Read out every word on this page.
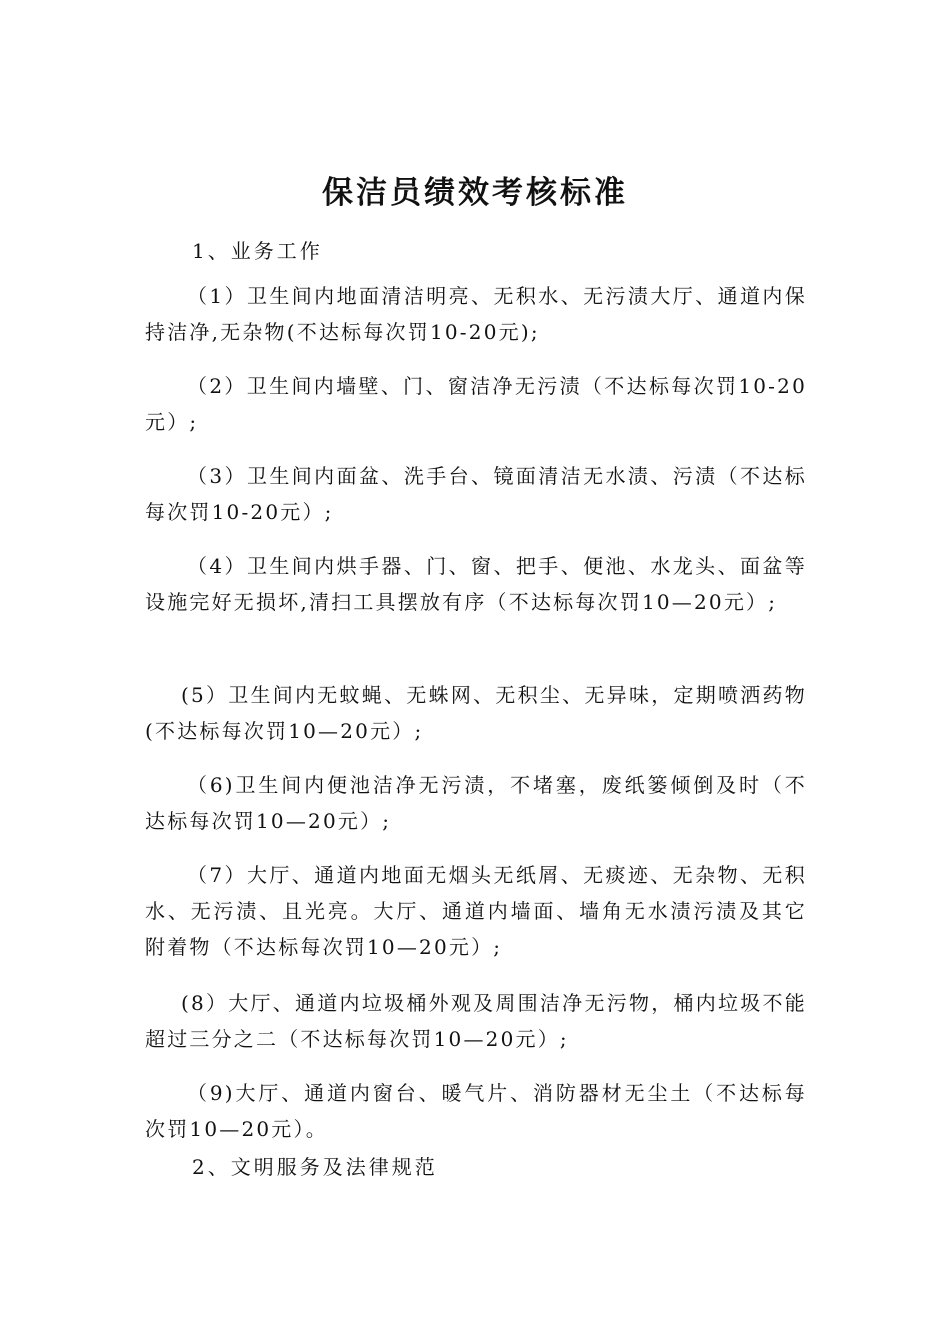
保洁员绩效考核标准
1、业务工作

（1）卫生间内地面清洁明亮、无积水、无污渍大厅、通道内保持洁净,无杂物(不达标每次罚10-20元);

（2）卫生间内墙壁、门、窗洁净无污渍（不达标每次罚10-20元）;

（3）卫生间内面盆、洗手台、镜面清洁无水渍、污渍（不达标每次罚10-20元）;

（4）卫生间内烘手器、门、窗、把手、便池、水龙头、面盆等设施完好无损坏,清扫工具摆放有序（不达标每次罚10—20元）;

(5）卫生间内无蚊蝇、无蛛网、无积尘、无异味，定期喷洒药物(不达标每次罚10—20元）;

（6)卫生间内便池洁净无污渍，不堵塞，废纸篓倾倒及时（不达标每次罚10—20元）;

（7）大厅、通道内地面无烟头无纸屑、无痰迹、无杂物、无积水、无污渍、且光亮。大厅、通道内墙面、墙角无水渍污渍及其它附着物（不达标每次罚10—20元）;

(8）大厅、通道内垃圾桶外观及周围洁净无污物，桶内垃圾不能超过三分之二（不达标每次罚10—20元）;

（9)大厅、通道内窗台、暖气片、消防器材无尘土（不达标每次罚10—20元）。

2、文明服务及法律规范
